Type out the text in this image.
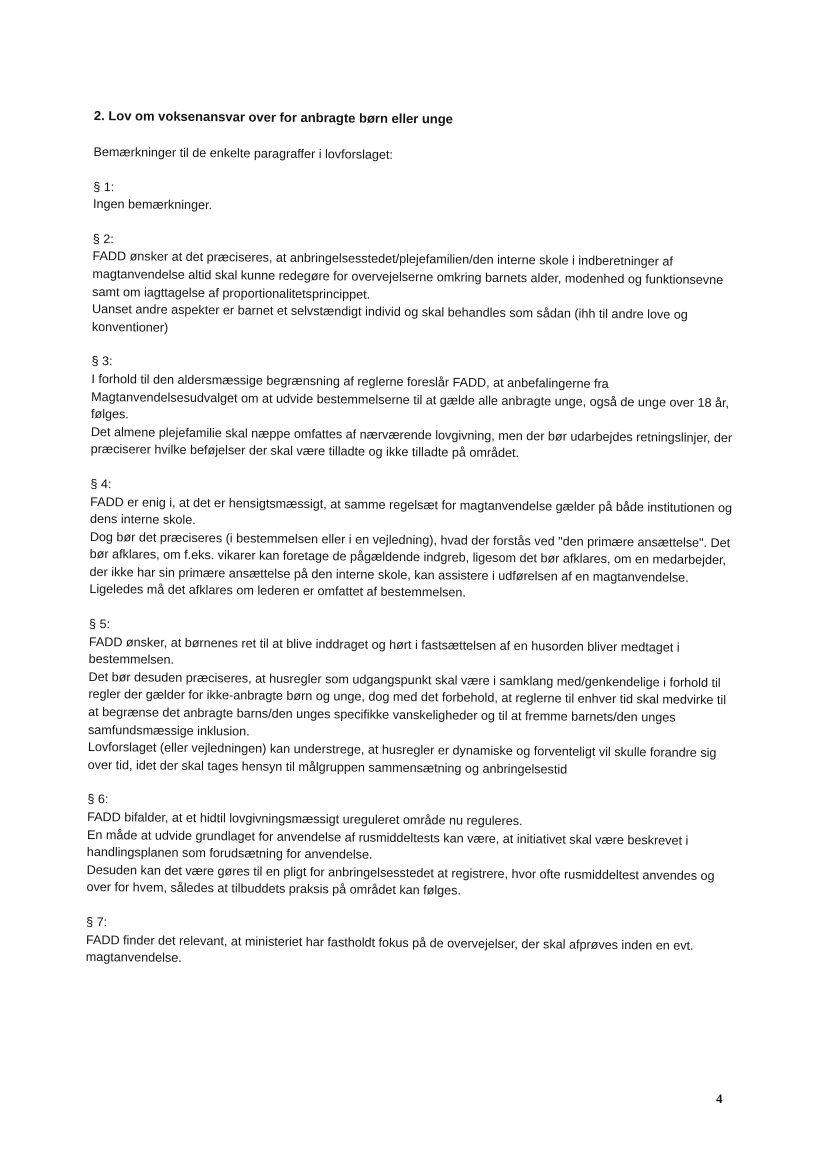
2. Lov om voksenansvar over for anbragte børn eller unge

Bemærkninger til de enkelte paragraffer i lovforslaget:

§ 1:

Ingen bemærkninger.

§ 2:

FADD ønsker at det præciseres, at anbringelsesstedet/plejefamilien/den interne skole i indberetninger af magtanvendelse altid skal kunne redegøre for overvejelserne omkring barnets alder, modenhed og funktionsevne samt om iagttagelse af proportionalitetsprincippet.

Uanset andre aspekter er barnet et selvstændigt individ og skal behandles som sådan (ihh til andre love og konventioner)

§ 3:

I forhold til den aldersmæssige begrænsning af reglerne foreslår FADD, at anbefalingerne fra Magtanvendelsesudvalget om at udvide bestemmelserne til at gælde alle anbragte unge, også de unge over 18 år, følges.

Det almene plejefamilie skal næppe omfattes af nærværende lovgivning, men der bør udarbejdes retningslinjer, der præciserer hvilke beføjelser der skal være tilladte og ikke tilladte på området.

§ 4:

FADD er enig i, at det er hensigtsmæssigt, at samme regelsæt for magtanvendelse gælder på både institutionen og dens interne skole.

Dog bør det præciseres (i bestemmelsen eller i en vejledning), hvad der forstås ved "den primære ansættelse". Det bør afklares, om f.eks. vikarer kan foretage de pågældende indgreb, ligesom det bør afklares, om en medarbejder, der ikke har sin primære ansættelse på den interne skole, kan assistere i udførelsen af en magtanvendelse.

Ligeledes må det afklares om lederen er omfattet af bestemmelsen.

§ 5:

FADD ønsker, at børnenes ret til at blive inddraget og hørt i fastsættelsen af en husorden bliver medtaget i bestemmelsen.

Det bør desuden præciseres, at husregler som udgangspunkt skal være i samklang med/genkendelige i forhold til regler der gælder for ikke-anbragte børn og unge, dog med det forbehold, at reglerne til enhver tid skal medvirke til at begrænse det anbragte barns/den unges specifikke vanskeligheder og til at fremme barnets/den unges samfundsmæssige inklusion.

Lovforslaget (eller vejledningen) kan understrege, at husregler er dynamiske og forventeligt vil skulle forandre sig over tid, idet der skal tages hensyn til målgruppen sammensætning og anbringelsestid

§ 6:

FADD bifalder, at et hidtil lovgivningsmæssigt ureguleret område nu reguleres.

En måde at udvide grundlaget for anvendelse af rusmiddeltests kan være, at initiativet skal være beskrevet i handlingsplanen som forudsætning for anvendelse.

Desuden kan det være gøres til en pligt for anbringelsesstedet at registrere, hvor ofte rusmiddeltest anvendes og over for hvem, således at tilbuddets praksis på området kan følges.

§ 7:

FADD finder det relevant, at ministeriet har fastholdt fokus på de overvejelser, der skal afprøves inden en evt. magtanvendelse.

4
